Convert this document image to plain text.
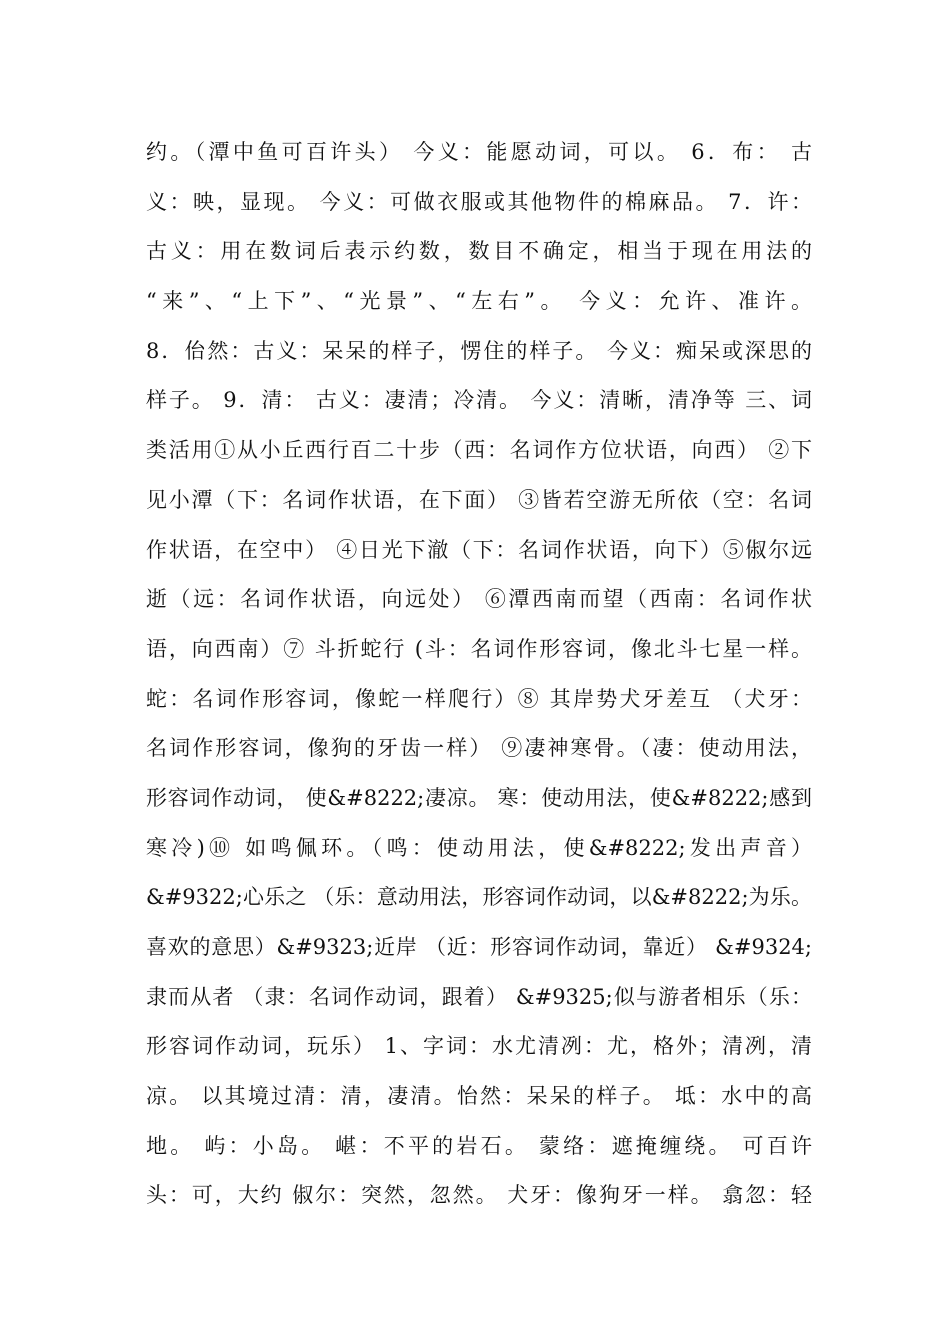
约。（潭中鱼可百许头） 今义：能愿动词，可以。 6．布： 古
义：映，显现。 今义：可做衣服或其他物件的棉麻品。 7．许：
古义：用在数词后表示约数，数目不确定，相当于现在用法的
“来”、“上下”、“光景”、“左右”。 今义：允许、准许。
8．佁然：古义：呆呆的样子，愣住的样子。 今义：痴呆或深思的
样子。 9．清： 古义：凄清；冷清。 今义：清晰，清净等 三、词
类活用①从小丘西行百二十步（西：名词作方位状语，向西） ②下
见小潭（下：名词作状语，在下面） ③皆若空游无所依（空：名词
作状语，在空中） ④日光下澈（下：名词作状语，向下）⑤俶尔远
逝（远：名词作状语，向远处） ⑥潭西南而望（西南：名词作状
语，向西南）⑦ 斗折蛇行 (斗：名词作形容词，像北斗七星一样。
蛇：名词作形容词，像蛇一样爬行）⑧ 其岸势犬牙差互 （犬牙：
名词作形容词，像狗的牙齿一样） ⑨凄神寒骨。（凄：使动用法，
形容词作动词， 使&#8222;凄凉。 寒：使动用法，使&#8222;感到
寒冷)⑩ 如鸣佩环。（鸣：使动用法，使&#8222;发出声音）
&#9322;心乐之 （乐：意动用法，形容词作动词，以&#8222;为乐。
喜欢的意思）&#9323;近岸 （近：形容词作动词，靠近） &#9324;
隶而从者 （隶：名词作动词，跟着） &#9325;似与游者相乐（乐：
形容词作动词，玩乐） 1、字词：水尤清冽：尤，格外；清冽，清
凉。 以其境过清：清，凄清。怡然：呆呆的样子。 坻：水中的高
地。 屿：小岛。 嵁：不平的岩石。 蒙络：遮掩缠绕。 可百许
头：可，大约 俶尔：突然，忽然。 犬牙：像狗牙一样。 翕忽：轻
